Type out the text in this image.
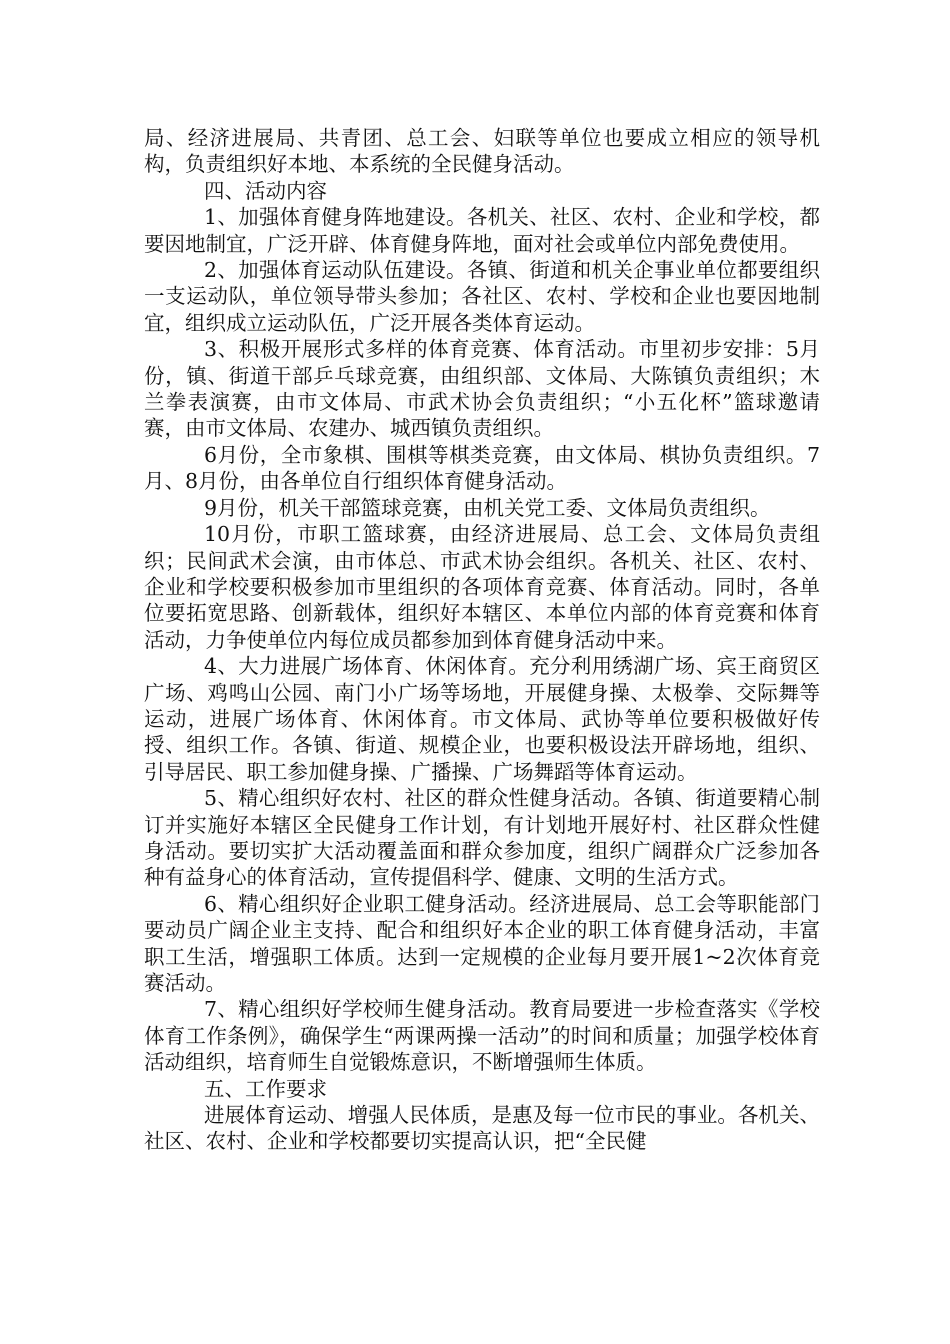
局、经济进展局、共青团、总工会、妇联等单位也要成立相应的领导机构，负责组织好本地、本系统的全民健身活动。

四、活动内容

1、加强体育健身阵地建设。各机关、社区、农村、企业和学校，都要因地制宜，广泛开辟、体育健身阵地，面对社会或单位内部免费使用。

2、加强体育运动队伍建设。各镇、街道和机关企事业单位都要组织一支运动队，单位领导带头参加；各社区、农村、学校和企业也要因地制宜，组织成立运动队伍，广泛开展各类体育运动。

3、积极开展形式多样的体育竞赛、体育活动。市里初步安排：5月份，镇、街道干部乒乓球竞赛，由组织部、文体局、大陈镇负责组织；木兰拳表演赛，由市文体局、市武术协会负责组织；“小五化杯”篮球邀请赛，由市文体局、农建办、城西镇负责组织。

6月份，全市象棋、围棋等棋类竞赛，由文体局、棋协负责组织。7月、8月份，由各单位自行组织体育健身活动。

9月份，机关干部篮球竞赛，由机关党工委、文体局负责组织。

10月份，市职工篮球赛，由经济进展局、总工会、文体局负责组织；民间武术会演，由市体总、市武术协会组织。各机关、社区、农村、企业和学校要积极参加市里组织的各项体育竞赛、体育活动。同时，各单位要拓宽思路、创新载体，组织好本辖区、本单位内部的体育竞赛和体育活动，力争使单位内每位成员都参加到体育健身活动中来。

4、大力进展广场体育、休闲体育。充分利用绣湖广场、宾王商贸区广场、鸡鸣山公园、南门小广场等场地，开展健身操、太极拳、交际舞等运动，进展广场体育、休闲体育。市文体局、武协等单位要积极做好传授、组织工作。各镇、街道、规模企业，也要积极设法开辟场地，组织、引导居民、职工参加健身操、广播操、广场舞蹈等体育运动。

5、精心组织好农村、社区的群众性健身活动。各镇、街道要精心制订并实施好本辖区全民健身工作计划，有计划地开展好村、社区群众性健身活动。要切实扩大活动覆盖面和群众参加度，组织广阔群众广泛参加各种有益身心的体育活动，宣传提倡科学、健康、文明的生活方式。

6、精心组织好企业职工健身活动。经济进展局、总工会等职能部门要动员广阔企业主支持、配合和组织好本企业的职工体育健身活动，丰富职工生活，增强职工体质。达到一定规模的企业每月要开展1~2次体育竞赛活动。

7、精心组织好学校师生健身活动。教育局要进一步检查落实《学校体育工作条例》，确保学生“两课两操一活动”的时间和质量；加强学校体育活动组织，培育师生自觉锻炼意识，不断增强师生体质。

五、工作要求

进展体育运动、增强人民体质，是惠及每一位市民的事业。各机关、社区、农村、企业和学校都要切实提高认识，把“全民健
